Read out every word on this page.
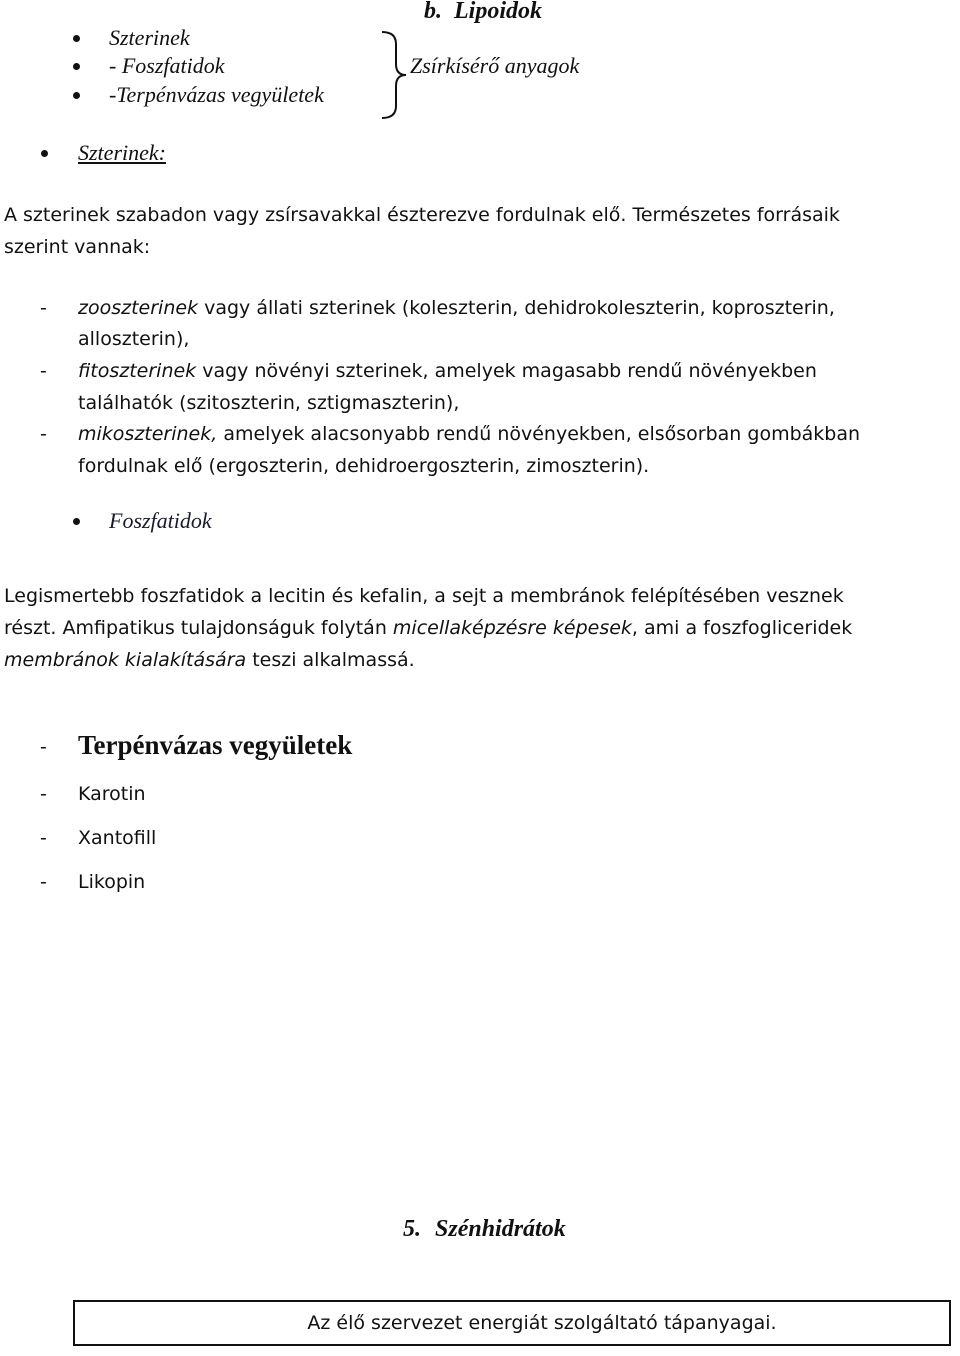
b. Lipoidok
Szterinek
- Foszfatidok
-Terpénvázas vegyületek
Zsírkísérő anyagok
Szterinek:
A szterinek szabadon vagy zsírsavakkal észterezve fordulnak elő. Természetes forrásaik
szerint vannak:
- zooszterinek vagy állati szterinek (koleszterin, dehidrokoleszterin, koproszterin,
alloszterin),
- fitoszterinek vagy növényi szterinek, amelyek magasabb rendű növényekben
találhatók (szitoszterin, sztigmaszterin),
- mikoszterinek, amelyek alacsonyabb rendű növényekben, elsősorban gombákban
fordulnak elő (ergoszterin, dehidroergoszterin, zimoszterin).
Foszfatidok
Legismertebb foszfatidok a lecitin és kefalin, a sejt a membránok felépítésében vesznek
részt. Amfipatikus tulajdonságuk folytán micellaképzésre képesek, ami a foszfogliceridek
membránok kialakítására teszi alkalmassá.
- Terpénvázas vegyületek
- Karotin
- Xantofill
- Likopin
5. Szénhidrátok
Az élő szervezet energiát szolgáltató tápanyagai.
